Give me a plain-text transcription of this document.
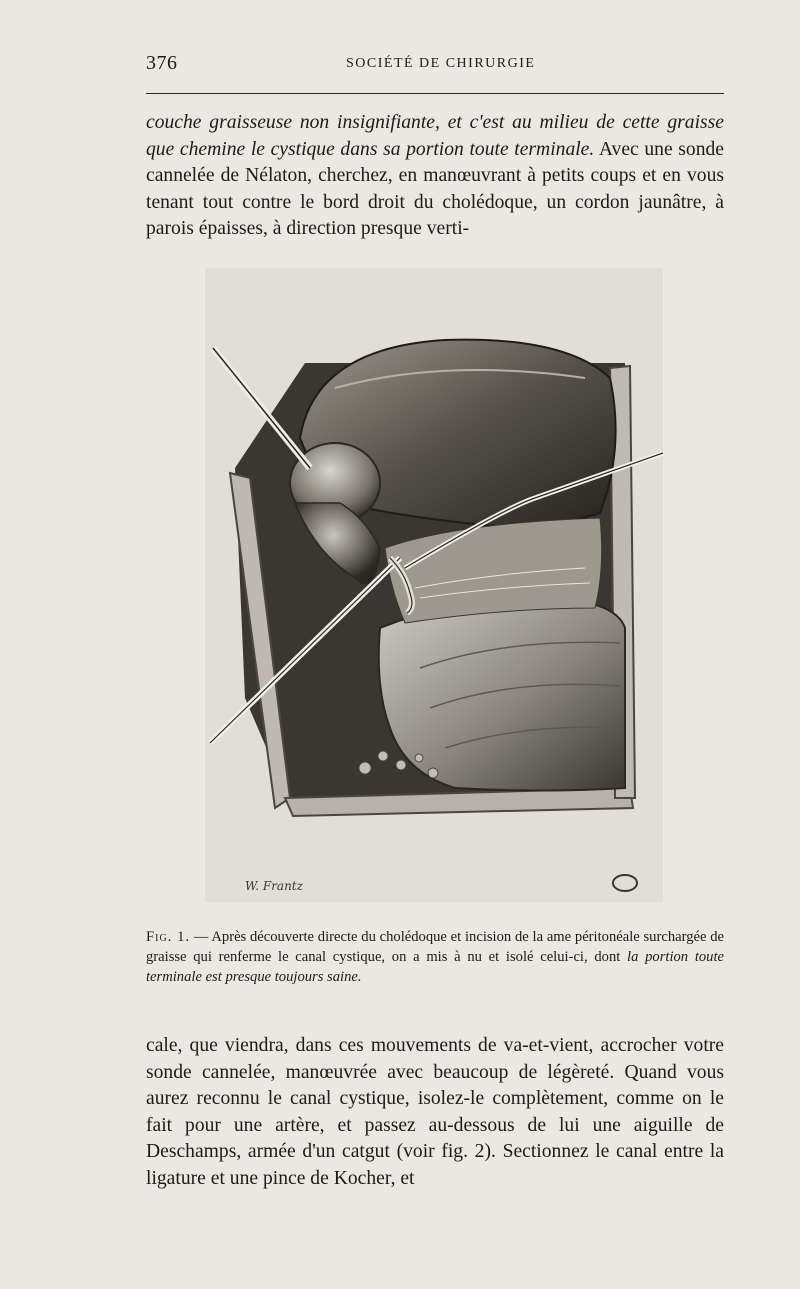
376	SOCIÉTÉ DE CHIRURGIE

couche graisseuse non insignifiante, et c'est au milieu de cette graisse que chemine le cystique dans sa portion toute terminale. Avec une sonde cannelée de Nélaton, cherchez, en manœuvrant à petits coups et en vous tenant tout contre le bord droit du cholédoque, un cordon jaunâtre, à parois épaisses, à direction presque verti-

W. Frantz
Fig. 1. — Après découverte directe du cholédoque et incision de la ame péritonéale surchargée de graisse qui renferme le canal cystique, on a mis à nu et isolé celui-ci, dont la portion toute terminale est presque toujours saine.

cale, que viendra, dans ces mouvements de va-et-vient, accrocher votre sonde cannelée, manœuvrée avec beaucoup de légèreté. Quand vous aurez reconnu le canal cystique, isolez-le complètement, comme on le fait pour une artère, et passez au-dessous de lui une aiguille de Deschamps, armée d'un catgut (voir fig. 2). Sectionnez le canal entre la ligature et une pince de Kocher, et
